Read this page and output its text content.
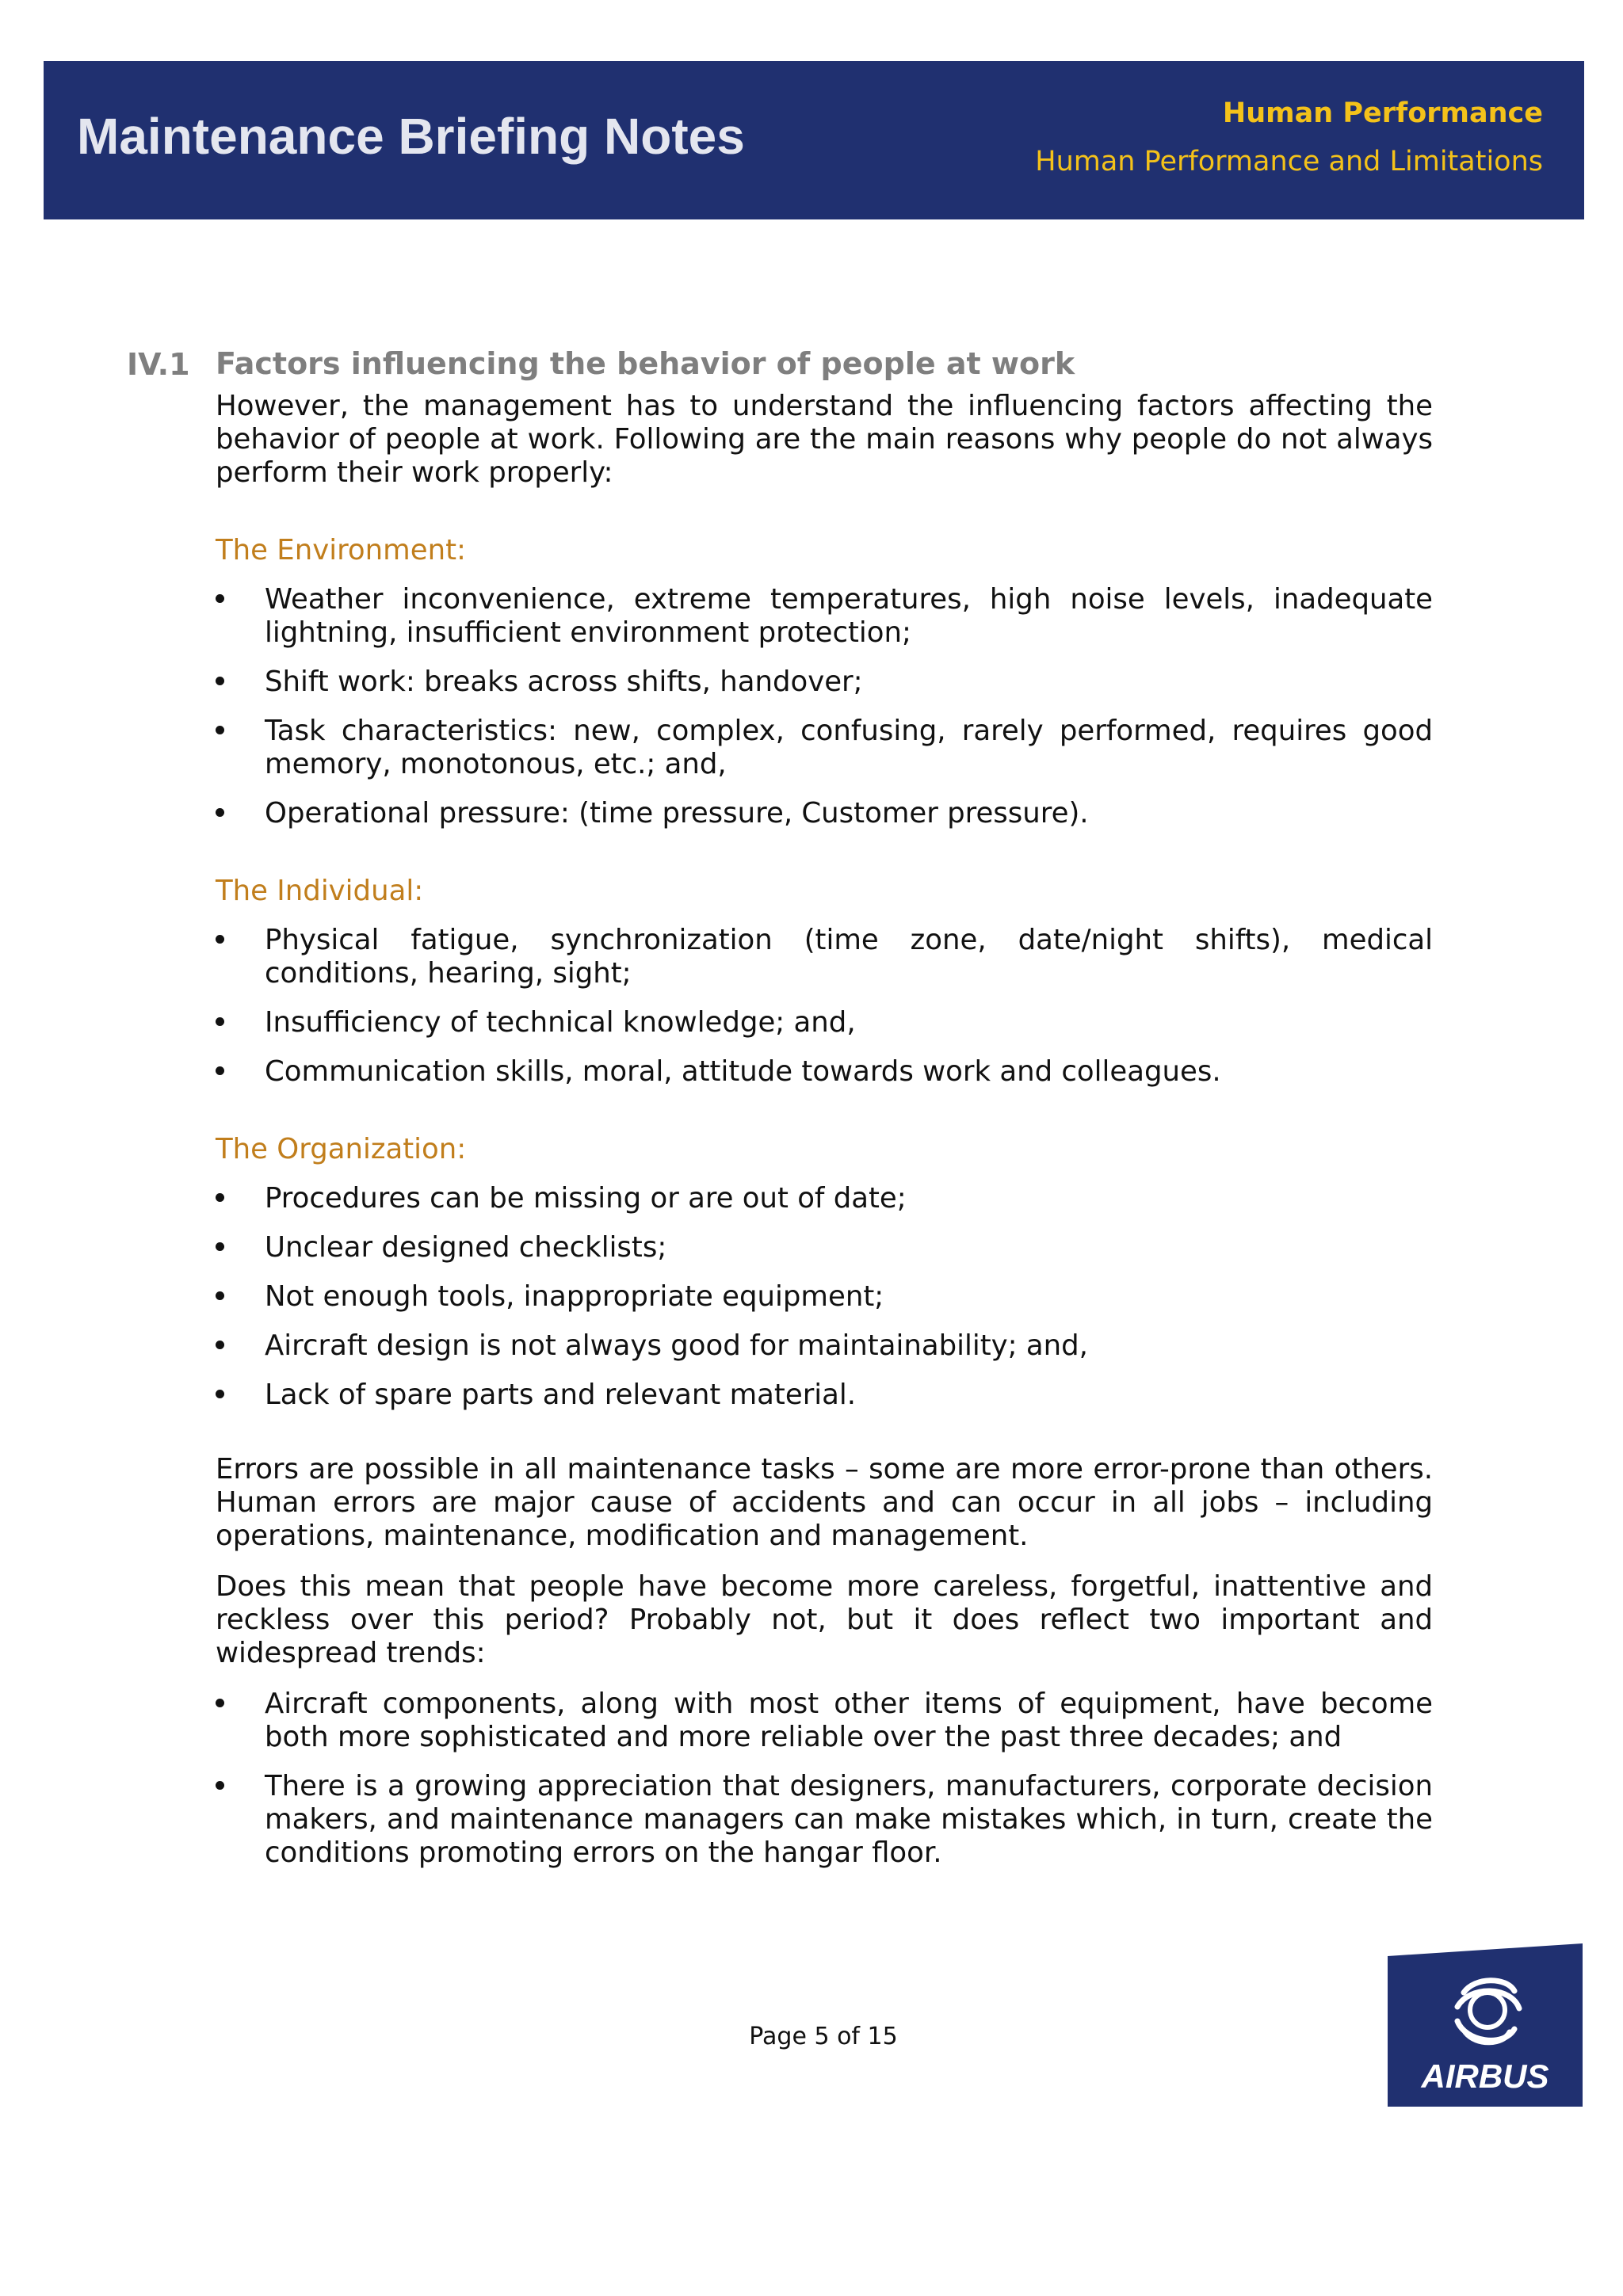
Maintenance Briefing Notes	Human Performance
Human Performance and Limitations
IV.1 Factors influencing the behavior of people at work

However, the management has to understand the influencing factors affecting the behavior of people at work. Following are the main reasons why people do not always perform their work properly:

The Environment:
Weather inconvenience, extreme temperatures, high noise levels, inadequate lightning, insufficient environment protection;
Shift work: breaks across shifts, handover;
Task characteristics: new, complex, confusing, rarely performed, requires good memory, monotonous, etc.; and,
Operational pressure: (time pressure, Customer pressure).
The Individual:
Physical fatigue, synchronization (time zone, date/night shifts), medical conditions, hearing, sight;
Insufficiency of technical knowledge; and,
Communication skills, moral, attitude towards work and colleagues.
The Organization:
Procedures can be missing or are out of date;
Unclear designed checklists;
Not enough tools, inappropriate equipment;
Aircraft design is not always good for maintainability; and,
Lack of spare parts and relevant material.

Errors are possible in all maintenance tasks – some are more error-prone than others. Human errors are major cause of accidents and can occur in all jobs – including operations, maintenance, modification and management.

Does this mean that people have become more careless, forgetful, inattentive and reckless over this period? Probably not, but it does reflect two important and widespread trends:

Aircraft components, along with most other items of equipment, have become both more sophisticated and more reliable over the past three decades; and
There is a growing appreciation that designers, manufacturers, corporate decision makers, and maintenance managers can make mistakes which, in turn, create the conditions promoting errors on the hangar floor.
Page 5 of 15
AIRBUS
